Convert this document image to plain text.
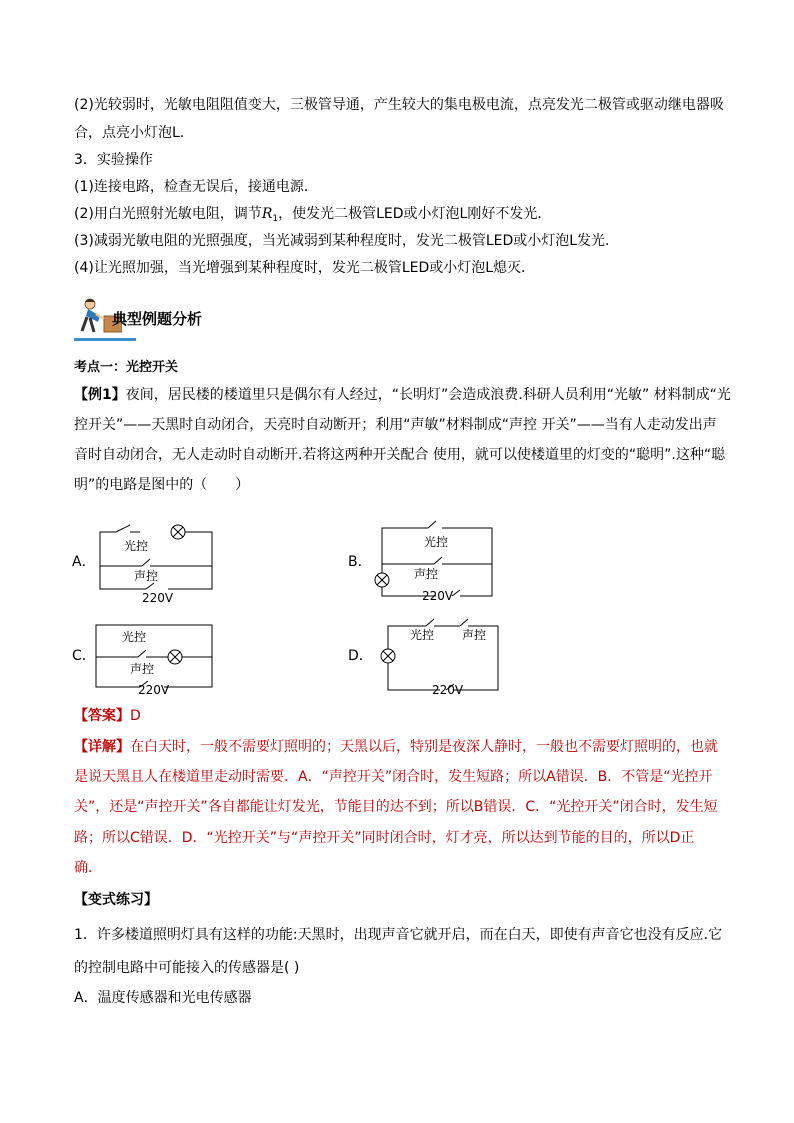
(2)光较弱时，光敏电阻阻值变大，三极管导通，产生较大的集电极电流，点亮发光二极管或驱动继电器吸
合，点亮小灯泡L.
3．实验操作
(1)连接电路，检查无误后，接通电源．
(2)用白光照射光敏电阻，调节$R_1$，使发光二极管LED或小灯泡L刚好不发光．
(3)减弱光敏电阻的光照强度，当光减弱到某种程度时，发光二极管LED或小灯泡L发光．
(4)让光照加强，当光增强到某种程度时，发光二极管LED或小灯泡L熄灭．
典型例题分析
考点一：光控开关
【例1】夜间，居民楼的楼道里只是偶尔有人经过，“长明灯”会造成浪费.科研人员利用“光敏” 材料制成“光
控开关”——天黑时自动闭合，天亮时自动断开；利用“声敏”材料制成“声控 开关”——当有人走动发出声
音时自动闭合，无人走动时自动断开.若将这两种开关配合 使用，就可以使楼道里的灯变的“聪明”.这种“聪
明”的电路是图中的（　　）
A．
光控
声控
220V
B．
光控
声控
220V
C．
光控
声控
220V
D．
光控 声控
220V
【答案】D
【详解】在白天时，一般不需要灯照明的；天黑以后，特别是夜深人静时，一般也不需要灯照明的，也就
是说天黑且人在楼道里走动时需要．A．“声控开关”闭合时，发生短路；所以A错误．B．不管是“光控开
关”，还是“声控开关”各自都能让灯发光，节能目的达不到；所以B错误．C．“光控开关”闭合时，发生短
路；所以C错误．D．“光控开关”与“声控开关”同时闭合时，灯才亮，所以达到节能的目的，所以D正
确．
【变式练习】
1．许多楼道照明灯具有这样的功能:天黑时，出现声音它就开启，而在白天，即使有声音它也没有反应.它
的控制电路中可能接入的传感器是( )
A．温度传感器和光电传感器
